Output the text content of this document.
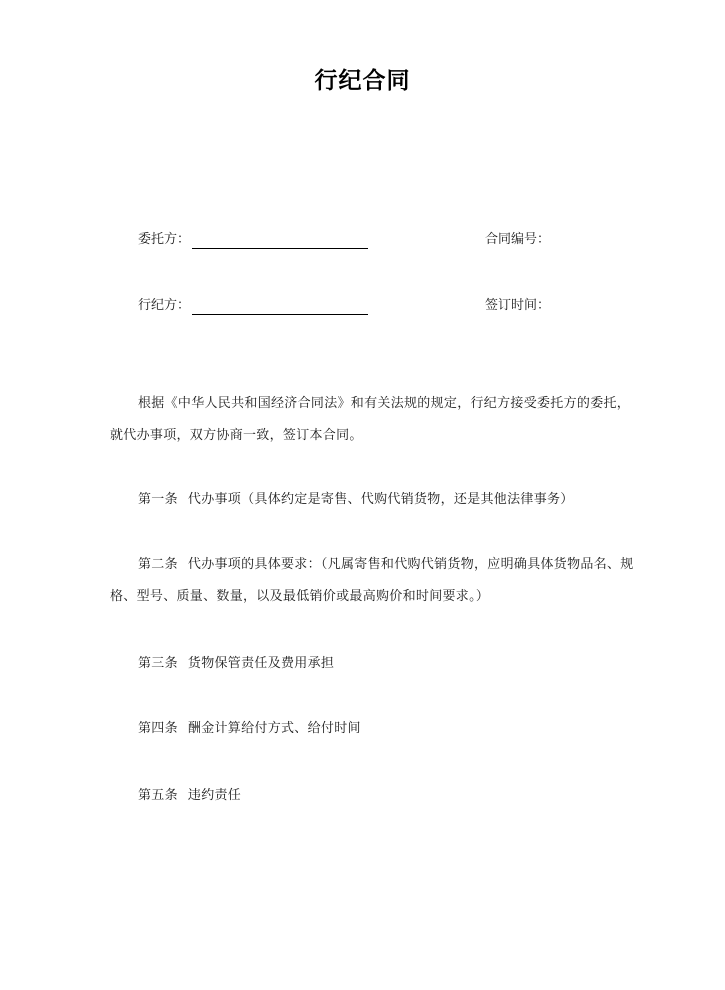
行纪合同
委托方：	合同编号：
行纪方：	签订时间：
根据《中华人民共和国经济合同法》和有关法规的规定，行纪方接受委托方的委托，就代办事项，双方协商一致，签订本合同。
第一条 代办事项（具体约定是寄售、代购代销货物，还是其他法律事务）
第二条 代办事项的具体要求：（凡属寄售和代购代销货物，应明确具体货物品名、规格、型号、质量、数量，以及最低销价或最高购价和时间要求。）
第三条 货物保管责任及费用承担
第四条 酬金计算给付方式、给付时间
第五条 违约责任
